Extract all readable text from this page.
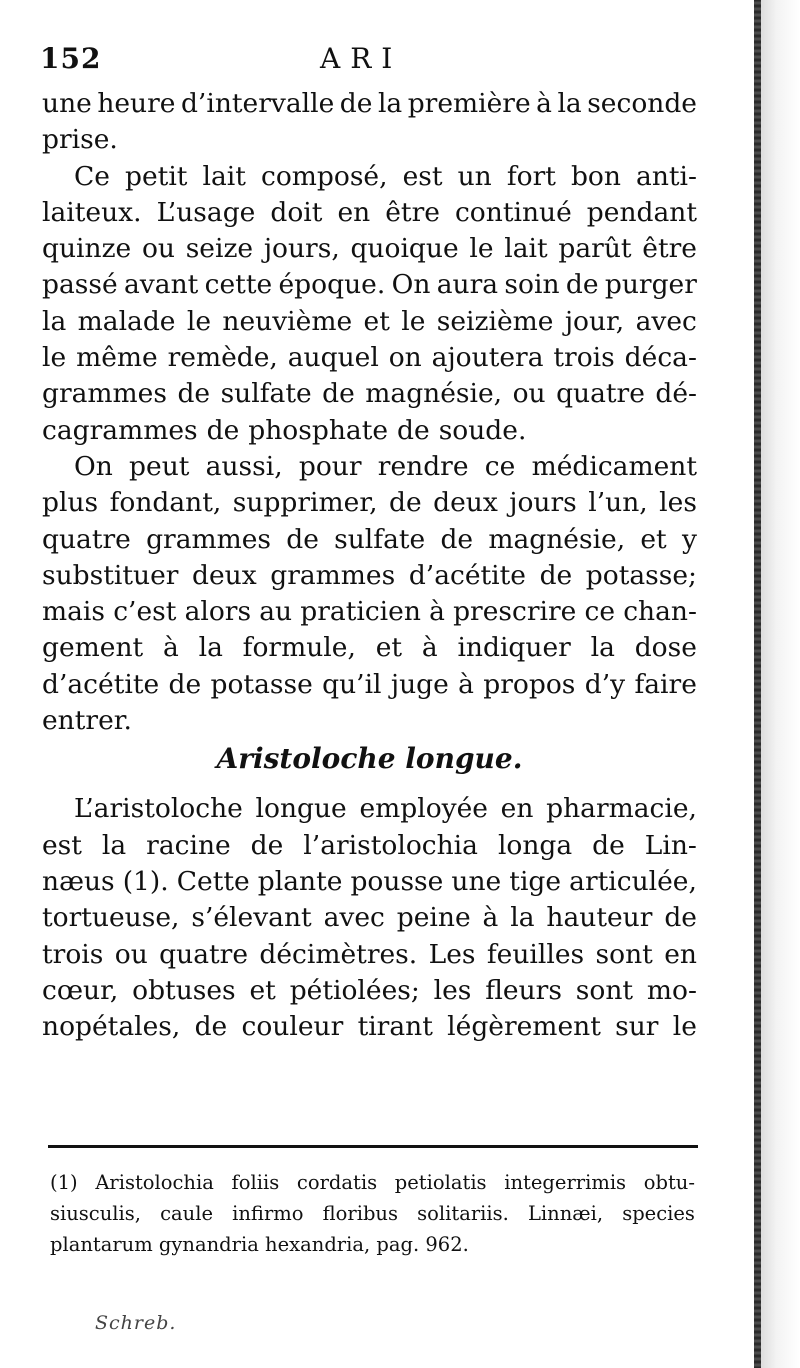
152	ARI
une heure d’intervalle de la première à la seconde
prise.
Ce petit lait composé, est un fort bon anti-
laiteux. L’usage doit en être continué pendant
quinze ou seize jours, quoique le lait parût être
passé avant cette époque. On aura soin de purger
la malade le neuvième et le seizième jour, avec
le même remède, auquel on ajoutera trois déca-
grammes de sulfate de magnésie, ou quatre dé-
cagrammes de phosphate de soude.
On peut aussi, pour rendre ce médicament
plus fondant, supprimer, de deux jours l’un, les
quatre grammes de sulfate de magnésie, et y
substituer deux grammes d’acétite de potasse;
mais c’est alors au praticien à prescrire ce chan-
gement à la formule, et à indiquer la dose
d’acétite de potasse qu’il juge à propos d’y faire
entrer.
Aristoloche longue.
L’aristoloche longue employée en pharmacie,
est la racine de l’aristolochia longa de Lin-
næus (1). Cette plante pousse une tige articulée,
tortueuse, s’élevant avec peine à la hauteur de
trois ou quatre décimètres. Les feuilles sont en
cœur, obtuses et pétiolées; les fleurs sont mo-
nopétales, de couleur tirant légèrement sur le
(1) Aristolochia foliis cordatis petiolatis integerrimis obtu-
siusculis, caule infirmo floribus solitariis. Linnæi, species
plantarum gynandria hexandria, pag. 962.
Schreb.
